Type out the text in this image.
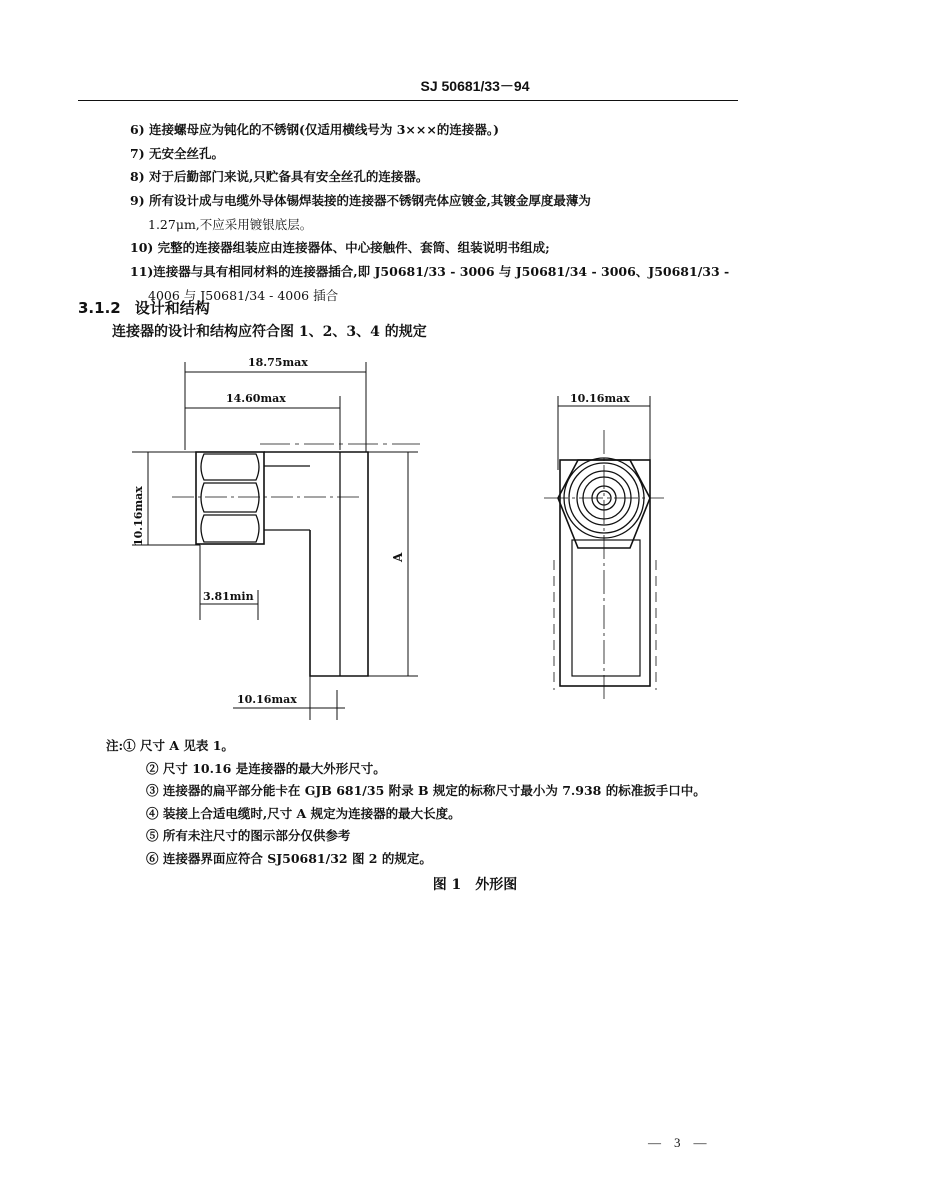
SJ 50681/33－94
6) 连接螺母应为钝化的不锈钢(仅适用横线号为 3×××的连接器。)
7) 无安全丝孔。
8) 对于后勤部门来说,只贮备具有安全丝孔的连接器。
9) 所有设计成与电缆外导体锡焊装接的连接器不锈钢壳体应镀金,其镀金厚度最薄为
1.27μm,不应采用镀银底层。
10) 完整的连接器组装应由连接器体、中心接触件、套筒、组装说明书组成;
11)连接器与具有相同材料的连接器插合,即 J50681/33 - 3006 与 J50681/34 - 3006、J50681/33 -
4006 与 J50681/34 - 4006 插合
3.1.2 设计和结构
连接器的设计和结构应符合图 1、2、3、4 的规定
18.75max
14.60max
10.16max
A
3.81min
10.16max
10.16max
注:① 尺寸 A 见表 1。
② 尺寸 10.16 是连接器的最大外形尺寸。
③ 连接器的扁平部分能卡在 GJB 681/35 附录 B 规定的标称尺寸最小为 7.938 的标准扳手口中。
④ 装接上合适电缆时,尺寸 A 规定为连接器的最大长度。
⑤ 所有未注尺寸的图示部分仅供参考
⑥ 连接器界面应符合 SJ50681/32 图 2 的规定。
图 1　外形图
—　3　—
